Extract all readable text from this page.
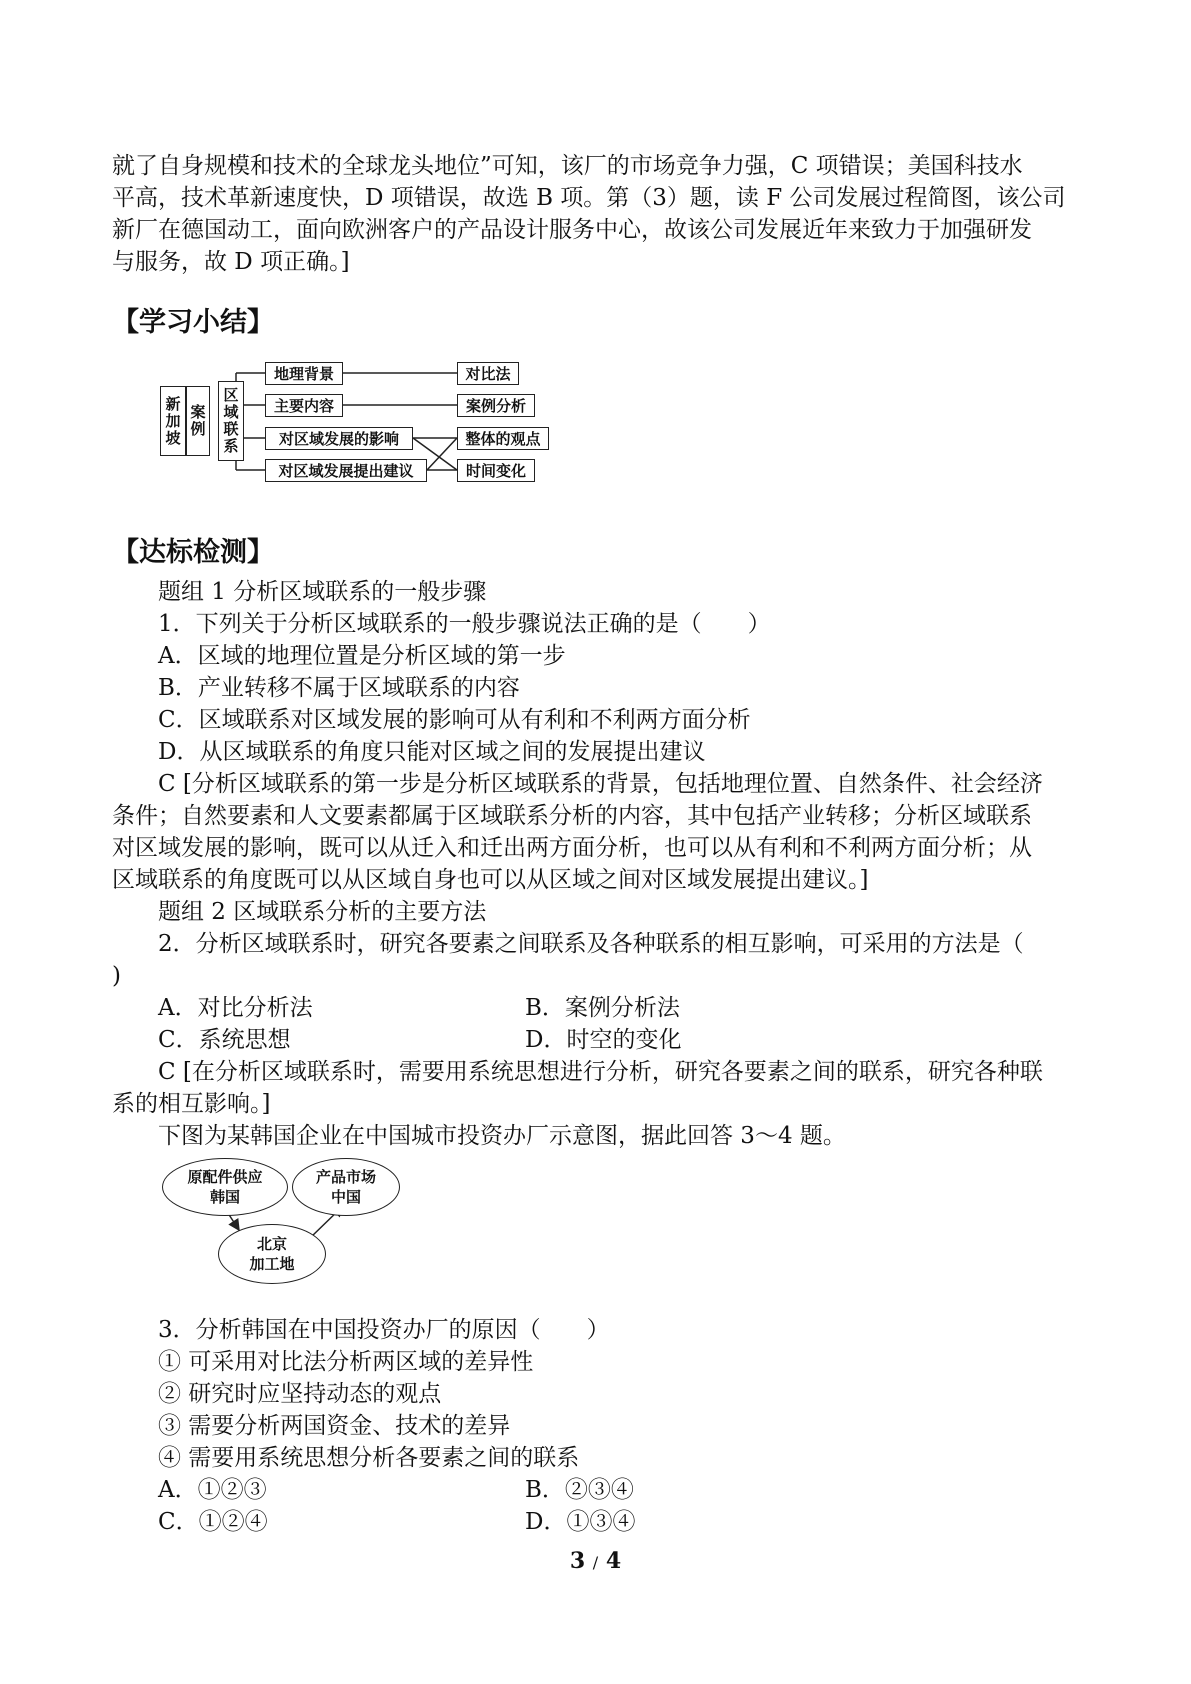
就了自身规模和技术的全球龙头地位”可知，该厂的市场竞争力强，C 项错误；美国科技水
平高，技术革新速度快，D 项错误，故选 B 项。第（3）题，读 F 公司发展过程简图，该公司
新厂在德国动工，面向欧洲客户的产品设计服务中心，故该公司发展近年来致力于加强研发
与服务，故 D 项正确。]
【学习小结】
新
加
坡
案
例
区
域
联
系
地理背景
主要内容
对区域发展的影响
对区域发展提出建议
对比法
案例分析
整体的观点
时间变化
【达标检测】
题组 1 分析区域联系的一般步骤
1．下列关于分析区域联系的一般步骤说法正确的是（　　）
A．区域的地理位置是分析区域的第一步
B．产业转移不属于区域联系的内容
C．区域联系对区域发展的影响可从有利和不利两方面分析
D．从区域联系的角度只能对区域之间的发展提出建议
C [分析区域联系的第一步是分析区域联系的背景，包括地理位置、自然条件、社会经济
条件；自然要素和人文要素都属于区域联系分析的内容，其中包括产业转移；分析区域联系
对区域发展的影响，既可以从迁入和迁出两方面分析，也可以从有利和不利两方面分析；从
区域联系的角度既可以从区域自身也可以从区域之间对区域发展提出建议。]
题组 2 区域联系分析的主要方法
2．分析区域联系时，研究各要素之间联系及各种联系的相互影响，可采用的方法是（
)
A．对比分析法	B．案例分析法
C．系统思想	D．时空的变化
C [在分析区域联系时，需要用系统思想进行分析，研究各要素之间的联系，研究各种联
系的相互影响。]
下图为某韩国企业在中国城市投资办厂示意图，据此回答 3～4 题。
原配件供应
韩国
产品市场
中国
北京
加工地
3．分析韩国在中国投资办厂的原因（　　）
① 可采用对比法分析两区域的差异性
② 研究时应坚持动态的观点
③ 需要分析两国资金、技术的差异
④ 需要用系统思想分析各要素之间的联系
A．①②③	B．②③④
C．①②④	D．①③④
3 / 4
